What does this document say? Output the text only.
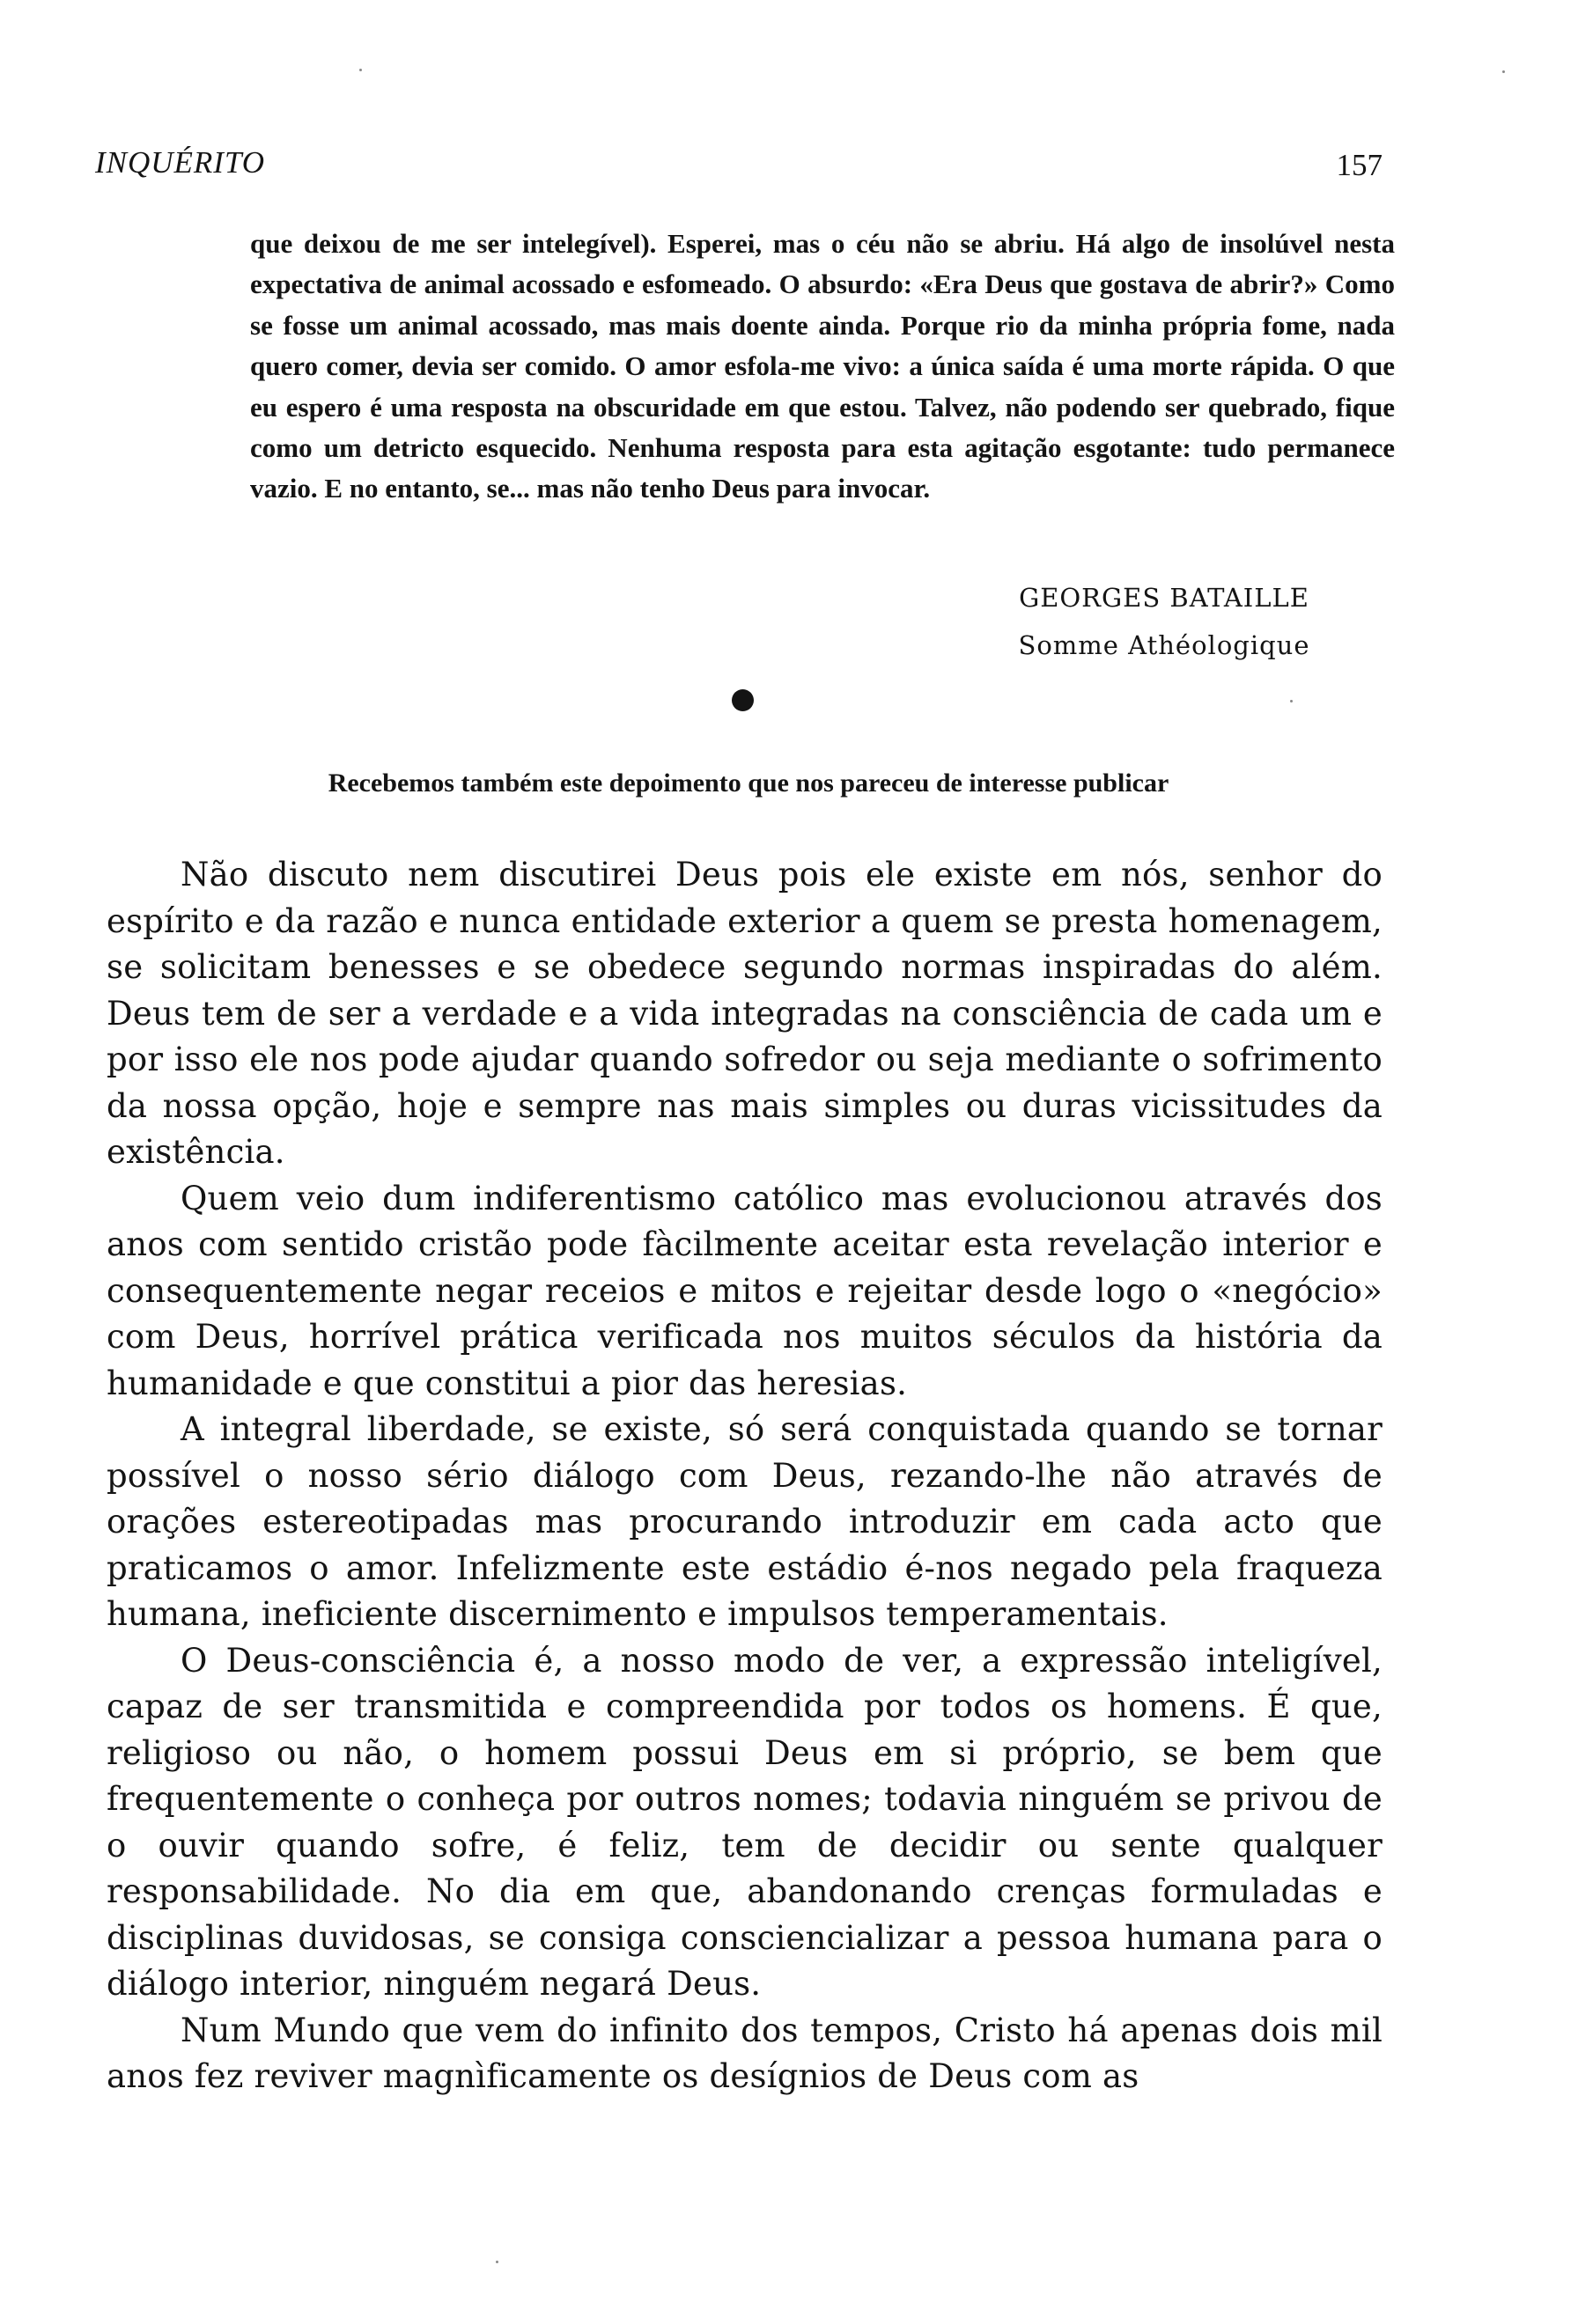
INQUÉRITO	157

que deixou de me ser intelegível). Esperei, mas o céu não se abriu. Há algo de insolúvel nesta expectativa de animal acossado e esfomeado. O absurdo: «Era Deus que gostava de abrir?» Como se fosse um animal acossado, mas mais doente ainda. Porque rio da minha própria fome, nada quero comer, devia ser comido. O amor esfola-me vivo: a única saída é uma morte rápida. O que eu espero é uma resposta na obscuridade em que estou. Talvez, não podendo ser quebrado, fique como um detricto esquecido. Nenhuma resposta para esta agitação esgotante: tudo permanece vazio. E no entanto, se... mas não tenho Deus para invocar.

GEORGES BATAILLE
Somme Athéologique
Recebemos também este depoimento que nos pareceu de interesse publicar

Não discuto nem discutirei Deus pois ele existe em nós, senhor do espírito e da razão e nunca entidade exterior a quem se presta homenagem, se solicitam benesses e se obedece segundo normas inspiradas do além. Deus tem de ser a verdade e a vida integradas na consciência de cada um e por isso ele nos pode ajudar quando sofredor ou seja mediante o sofrimento da nossa opção, hoje e sempre nas mais simples ou duras vicissitudes da existência.

Quem veio dum indiferentismo católico mas evolucionou através dos anos com sentido cristão pode fàcilmente aceitar esta revelação interior e consequentemente negar receios e mitos e rejeitar desde logo o «negócio» com Deus, horrível prática verificada nos muitos séculos da história da humanidade e que constitui a pior das heresias.

A integral liberdade, se existe, só será conquistada quando se tornar possível o nosso sério diálogo com Deus, rezando-lhe não através de orações estereotipadas mas procurando introduzir em cada acto que praticamos o amor. Infelizmente este estádio é-nos negado pela fraqueza humana, ineficiente discernimento e impulsos temperamentais.

O Deus-consciência é, a nosso modo de ver, a expressão inteligível, capaz de ser transmitida e compreendida por todos os homens. É que, religioso ou não, o homem possui Deus em si próprio, se bem que frequentemente o conheça por outros nomes; todavia ninguém se privou de o ouvir quando sofre, é feliz, tem de decidir ou sente qualquer responsabilidade. No dia em que, abandonando crenças formuladas e disciplinas duvidosas, se consiga consciencializar a pessoa humana para o diálogo interior, ninguém negará Deus.

Num Mundo que vem do infinito dos tempos, Cristo há apenas dois mil anos fez reviver magnìficamente os desígnios de Deus com as
